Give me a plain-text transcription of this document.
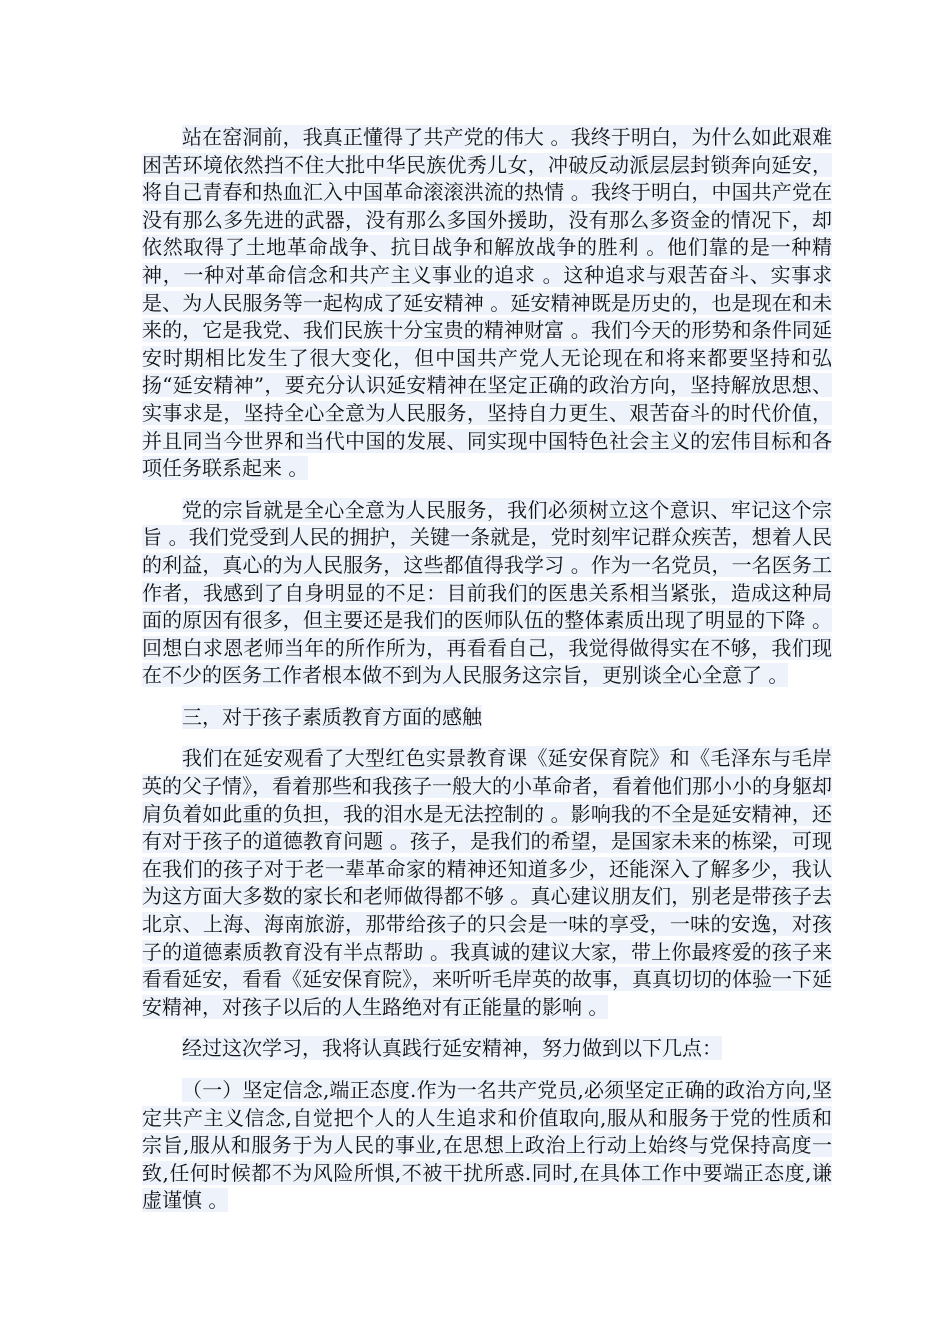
站在窑洞前，我真正懂得了共产党的伟大 。我终于明白，为什么如此艰难困苦环境依然挡不住大批中华民族优秀儿女，冲破反动派层层封锁奔向延安，将自己青春和热血汇入中国革命滚滚洪流的热情 。我终于明白，中国共产党在没有那么多先进的武器，没有那么多国外援助，没有那么多资金的情况下，却依然取得了土地革命战争、抗日战争和解放战争的胜利 。他们靠的是一种精神，一种对革命信念和共产主义事业的追求 。这种追求与艰苦奋斗、实事求是、为人民服务等一起构成了延安精神 。延安精神既是历史的，也是现在和未来的，它是我党、我们民族十分宝贵的精神财富 。我们今天的形势和条件同延安时期相比发生了很大变化，但中国共产党人无论现在和将来都要坚持和弘扬“延安精神”，要充分认识延安精神在坚定正确的政治方向，坚持解放思想、实事求是，坚持全心全意为人民服务，坚持自力更生、艰苦奋斗的时代价值，并且同当今世界和当代中国的发展、同实现中国特色社会主义的宏伟目标和各项任务联系起来 。

党的宗旨就是全心全意为人民服务，我们必须树立这个意识、牢记这个宗旨 。我们党受到人民的拥护，关键一条就是，党时刻牢记群众疾苦，想着人民的利益，真心的为人民服务，这些都值得我学习 。作为一名党员，一名医务工作者，我感到了自身明显的不足：目前我们的医患关系相当紧张，造成这种局面的原因有很多，但主要还是我们的医师队伍的整体素质出现了明显的下降 。回想白求恩老师当年的所作所为，再看看自己，我觉得做得实在不够，我们现在不少的医务工作者根本做不到为人民服务这宗旨，更别谈全心全意了 。

三，对于孩子素质教育方面的感触

我们在延安观看了大型红色实景教育课《延安保育院》和《毛泽东与毛岸英的父子情》，看着那些和我孩子一般大的小革命者，看着他们那小小的身躯却肩负着如此重的负担，我的泪水是无法控制的 。影响我的不全是延安精神，还有对于孩子的道德教育问题 。孩子，是我们的希望，是国家未来的栋梁，可现在我们的孩子对于老一辈革命家的精神还知道多少，还能深入了解多少，我认为这方面大多数的家长和老师做得都不够 。真心建议朋友们，别老是带孩子去北京、上海、海南旅游，那带给孩子的只会是一味的享受，一味的安逸，对孩子的道德素质教育没有半点帮助 。我真诚的建议大家，带上你最疼爱的孩子来看看延安，看看《延安保育院》，来听听毛岸英的故事，真真切切的体验一下延安精神，对孩子以后的人生路绝对有正能量的影响 。

经过这次学习，我将认真践行延安精神，努力做到以下几点：

（一）坚定信念,端正态度.作为一名共产党员,必须坚定正确的政治方向,坚定共产主义信念,自觉把个人的人生追求和价值取向,服从和服务于党的性质和宗旨,服从和服务于为人民的事业,在思想上政治上行动上始终与党保持高度一致,任何时候都不为风险所惧,不被干扰所惑.同时,在具体工作中要端正态度,谦虚谨慎 。
